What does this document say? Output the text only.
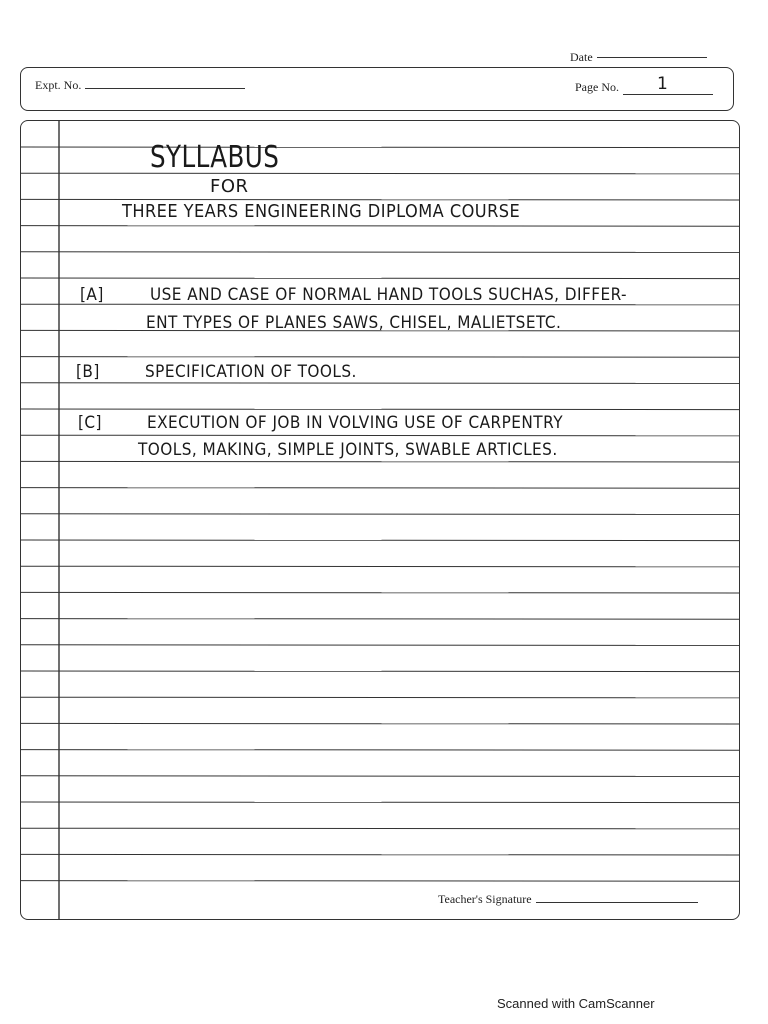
Date
Expt. No.	Page No. 1
SYLLABUS
FOR
THREE YEARS ENGINEERING DIPLOMA COURSE
[A]	USE AND CASE OF NORMAL HAND TOOLS SUCHAS, DIFFER-
ENT TYPES OF PLANES SAWS, CHISEL, MALIETSETC.
[B]	SPECIFICATION OF TOOLS.
[C]	EXECUTION OF JOB IN VOLVING USE OF CARPENTRY
TOOLS, MAKING, SIMPLE JOINTS, SWABLE ARTICLES.
Teacher's Signature
Scanned with CamScanner
